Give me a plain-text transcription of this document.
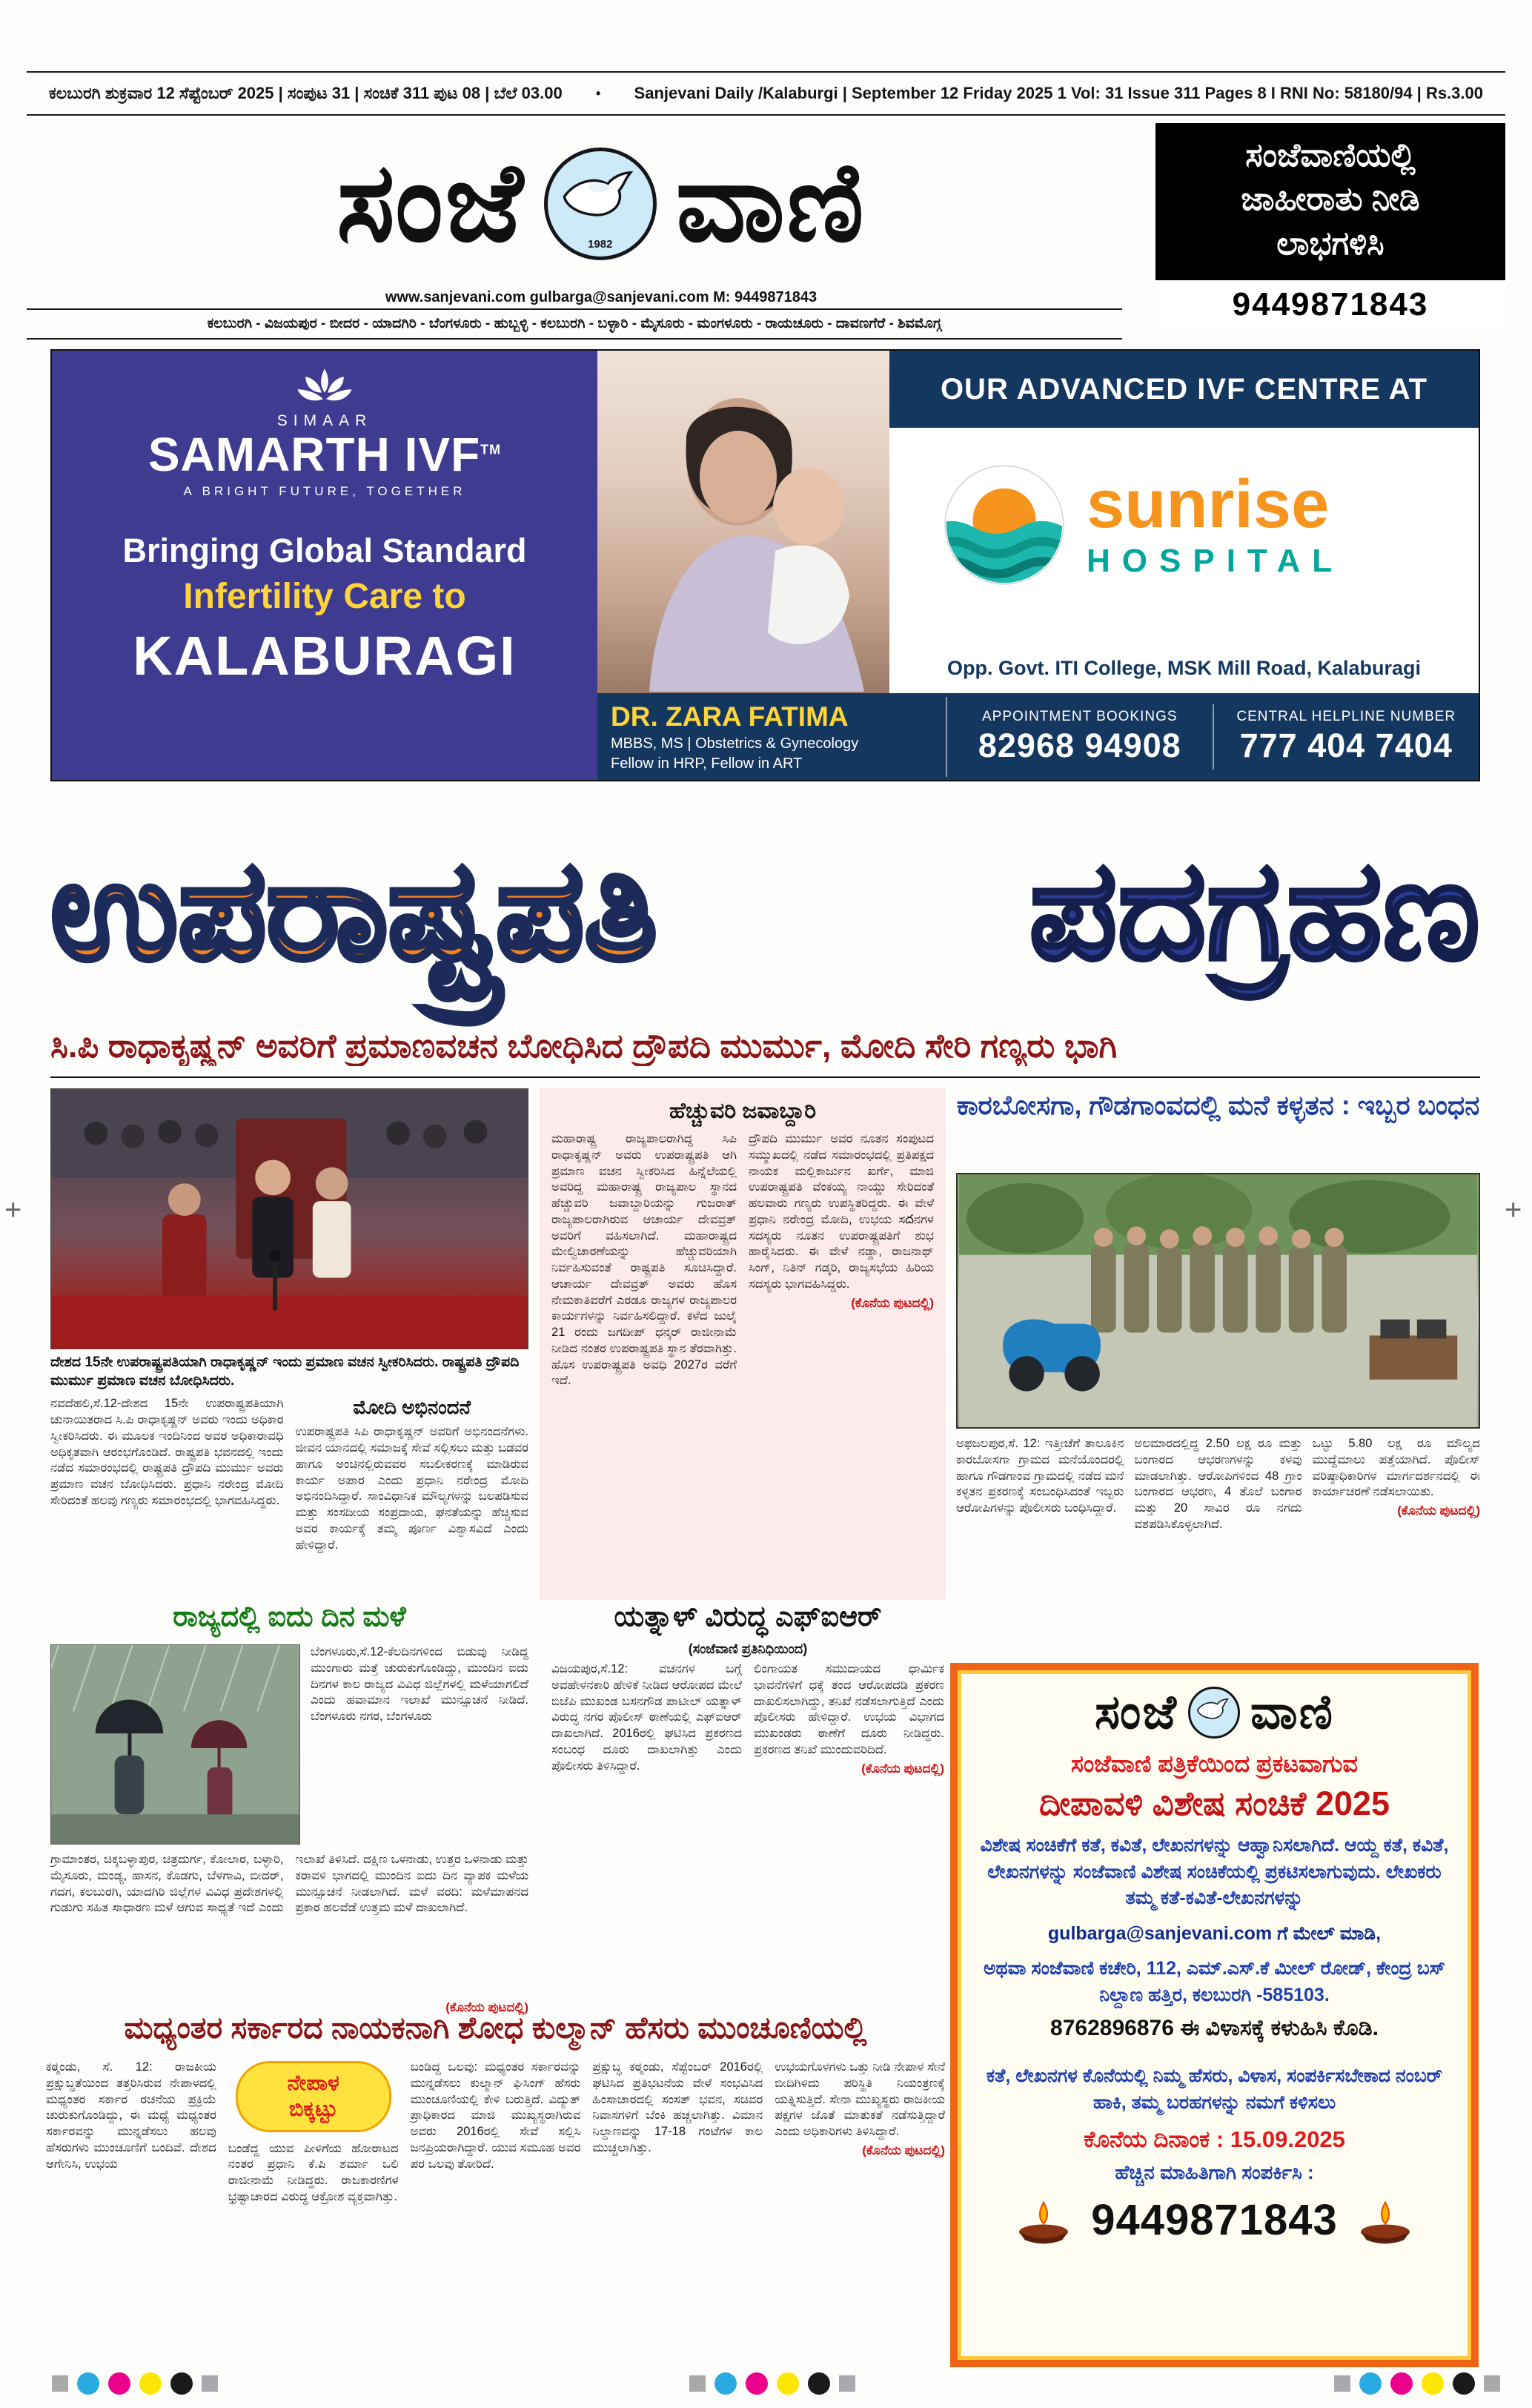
+	+
ಕಲಬುರಗಿ ಶುಕ್ರವಾರ 12 ಸೆಪ್ಟೆಂಬರ್ 2025 | ಸಂಪುಟ 31 | ಸಂಚಿಕೆ 311 ಪುಟ 08 | ಬೆಲೆ 03.00	• Sanjevani Daily /Kalaburgi | September 12 Friday 2025 1 Vol: 31 Issue 311 Pages 8 I RNI No: 58180/94 | Rs.3.00
ಸಂಜೆ	1982 ವಾಣಿ
www.sanjevani.com gulbarga@sanjevani.com M: 9449871843
ಕಲಬುರಗಿ - ವಿಜಯಪುರ - ಬೀದರ - ಯಾದಗಿರಿ - ಬೆಂಗಳೂರು - ಹುಬ್ಬಳ್ಳಿ - ಕಲಬುರಗಿ - ಬಳ್ಳಾರಿ - ಮೈಸೂರು - ಮಂಗಳೂರು - ರಾಯಚೂರು - ದಾವಣಗೆರೆ - ಶಿವಮೊಗ್ಗ
ಸಂಜೆವಾಣಿಯಲ್ಲಿ
ಜಾಹೀರಾತು ನೀಡಿ
ಲಾಭಗಳಿಸಿ
9449871843
SIMAAR
SAMARTH IVF™
A BRIGHT FUTURE, TOGETHER
Bringing Global Standard
Infertility Care to
KALABURAGI
OUR ADVANCED IVF CENTRE AT
sunrise
HOSPITAL
Opp. Govt. ITI College, MSK Mill Road, Kalaburagi
DR. ZARA FATIMA
MBBS, MS | Obstetrics & Gynecology
Fellow in HRP, Fellow in ART
APPOINTMENT BOOKINGS
82968 94908
CENTRAL HELPLINE NUMBER
777 404 7404
ಉಪರಾಷ್ಟ್ರಪತಿ	ಪದಗ್ರಹಣ
ಸಿ.ಪಿ ರಾಧಾಕೃಷ್ಣನ್ ಅವರಿಗೆ ಪ್ರಮಾಣವಚನ ಬೋಧಿಸಿದ ದ್ರೌಪದಿ ಮುರ್ಮು, ಮೋದಿ ಸೇರಿ ಗಣ್ಯರು ಭಾಗಿ
ದೇಶದ 15ನೇ ಉಪರಾಷ್ಟ್ರಪತಿಯಾಗಿ ರಾಧಾಕೃಷ್ಣನ್ ಇಂದು ಪ್ರಮಾಣ ವಚನ ಸ್ವೀಕರಿಸಿದರು. ರಾಷ್ಟ್ರಪತಿ ದ್ರೌಪದಿ ಮುರ್ಮು ಪ್ರಮಾಣ ವಚನ ಬೋಧಿಸಿದರು.
ನವದೆಹಲಿ,ಸೆ.12-ದೇಶದ 15ನೇ ಉಪರಾಷ್ಟ್ರಪತಿಯಾಗಿ ಚುನಾಯಿತರಾದ ಸಿ.ಪಿ ರಾಧಾಕೃಷ್ಣನ್ ಅವರು ಇಂದು ಅಧಿಕಾರ ಸ್ವೀಕರಿಸಿದರು. ಈ ಮೂಲಕ ಇಂದಿನಿಂದ ಅವರ ಅಧಿಕಾರಾವಧಿ ಅಧಿಕೃತವಾಗಿ ಆರಂಭಗೊಂಡಿದೆ. ರಾಷ್ಟ್ರಪತಿ ಭವನದಲ್ಲಿ ಇಂದು ನಡೆದ ಸಮಾರಂಭದಲ್ಲಿ ರಾಷ್ಟ್ರಪತಿ ದ್ರೌಪದಿ ಮುರ್ಮು ಅವರು ಪ್ರಮಾಣ ವಚನ ಬೋಧಿಸಿದರು. ಪ್ರಧಾನಿ ನರೇಂದ್ರ ಮೋದಿ ಸೇರಿದಂತೆ ಹಲವು ಗಣ್ಯರು ಸಮಾರಂಭದಲ್ಲಿ ಭಾಗವಹಿಸಿದ್ದರು.
ಮೋದಿ ಅಭಿನಂದನೆ
ಉಪರಾಷ್ಟ್ರಪತಿ ಸಿಪಿ ರಾಧಾಕೃಷ್ಣನ್ ಅವರಿಗೆ ಅಭಿನಂದನೆಗಳು. ಜೀವನ ಯಾನದಲ್ಲಿ ಸಮಾಜಕ್ಕೆ ಸೇವೆ ಸಲ್ಲಿಸಲು ಮತ್ತು ಬಡವರ ಹಾಗೂ ಅಂಚಿನಲ್ಲಿರುವವರ ಸಬಲೀಕರಣಕ್ಕೆ ಮಾಡಿರುವ ಕಾರ್ಯ ಅಪಾರ ಎಂದು ಪ್ರಧಾನಿ ನರೇಂದ್ರ ಮೋದಿ ಅಭಿನಂದಿಸಿದ್ದಾರೆ. ಸಾಂವಿಧಾನಿಕ ಮೌಲ್ಯಗಳನ್ನು ಬಲಪಡಿಸುವ ಮತ್ತು ಸಂಸದೀಯ ಸಂಪ್ರದಾಯ, ಘನತೆಯನ್ನು ಹೆಚ್ಚಿಸುವ ಅವರ ಕಾರ್ಯಕ್ಕೆ ತಮ್ಮ ಪೂರ್ಣ ವಿಶ್ವಾಸವಿದೆ ಎಂದು ಹೇಳಿದ್ದಾರೆ.
ಹೆಚ್ಚುವರಿ ಜವಾಬ್ದಾರಿ
ಮಹಾರಾಷ್ಟ್ರ ರಾಜ್ಯಪಾಲರಾಗಿದ್ದ ಸಿಪಿ ರಾಧಾಕೃಷ್ಣನ್ ಅವರು ಉಪರಾಷ್ಟ್ರಪತಿ ಆಗಿ ಪ್ರಮಾಣ ವಚನ ಸ್ವೀಕರಿಸಿದ ಹಿನ್ನೆಲೆಯಲ್ಲಿ ಅವರಿದ್ದ ಮಹಾರಾಷ್ಟ್ರ ರಾಜ್ಯಪಾಲ ಸ್ಥಾನದ ಹೆಚ್ಚುವರಿ ಜವಾಬ್ದಾರಿಯನ್ನು ಗುಜರಾತ್ ರಾಜ್ಯಪಾಲರಾಗಿರುವ ಆಚಾರ್ಯ ದೇವವ್ರತ್ ಅವರಿಗೆ ವಹಿಸಲಾಗಿದೆ. ಮಹಾರಾಷ್ಟ್ರದ ಮೇಲ್ವಿಚಾರಣೆಯನ್ನು ಹೆಚ್ಚುವರಿಯಾಗಿ ನಿರ್ವಹಿಸುವಂತೆ ರಾಷ್ಟ್ರಪತಿ ಸೂಚಿಸಿದ್ದಾರೆ. ಆಚಾರ್ಯ ದೇವವ್ರತ್ ಅವರು ಹೊಸ ನೇಮಕಾತಿವರೆಗೆ ಎರಡೂ ರಾಜ್ಯಗಳ ರಾಜ್ಯಪಾಲರ ಕಾರ್ಯಗಳನ್ನು ನಿರ್ವಹಿಸಲಿದ್ದಾರೆ. ಕಳೆದ ಜುಲೈ 21 ರಂದು ಜಗದೀಪ್ ಧನ್ಕರ್ ರಾಜೀನಾಮೆ ನೀಡಿದ ನಂತರ ಉಪರಾಷ್ಟ್ರಪತಿ ಸ್ಥಾನ ತೆರವಾಗಿತ್ತು. ಹೊಸ ಉಪರಾಷ್ಟ್ರಪತಿ ಅವಧಿ 2027ರ ವರೆಗೆ ಇದೆ.
ದ್ರೌಪದಿ ಮುರ್ಮು ಅವರ ನೂತನ ಸಂಪುಟದ ಸಮ್ಮುಖದಲ್ಲಿ ನಡೆದ ಸಮಾರಂಭದಲ್ಲಿ ಪ್ರತಿಪಕ್ಷದ ನಾಯಕ ಮಲ್ಲಿಕಾರ್ಜುನ ಖರ್ಗೆ, ಮಾಜಿ ಉಪರಾಷ್ಟ್ರಪತಿ ವೆಂಕಯ್ಯ ನಾಯ್ಡು ಸೇರಿದಂತೆ ಹಲವಾರು ಗಣ್ಯರು ಉಪಸ್ಥಿತರಿದ್ದರು. ಈ ವೇಳೆ ಪ್ರಧಾನಿ ನರೇಂದ್ರ ಮೋದಿ, ಉಭಯ ಸదನಗಳ ಸದಸ್ಯರು ನೂತನ ಉಪರಾಷ್ಟ್ರಪತಿಗೆ ಶುಭ ಹಾರೈಸಿದರು. ಈ ವೇಳೆ ನಡ್ಡಾ, ರಾಜನಾಥ್ ಸಿಂಗ್, ನಿತಿನ್ ಗಡ್ಕರಿ, ರಾಜ್ಯಸಭೆಯ ಹಿರಿಯ ಸದಸ್ಯರು ಭಾಗವಹಿಸಿದ್ದರು.
(ಕೊನೆಯ ಪುಟದಲ್ಲಿ)
ಕಾರಬೋಸಗಾ, ಗೌಡಗಾಂವದಲ್ಲಿ ಮನೆ ಕಳ್ಳತನ : ಇಬ್ಬರ ಬಂಧನ
ಅಫಜಲಪುರ,ಸೆ. 12: ಇತ್ತೀಚೆಗೆ ತಾಲೂಕಿನ ಕಾರಬೋಸಗಾ ಗ್ರಾಮದ ಮನೆಯೊಂದರಲ್ಲಿ ಹಾಗೂ ಗೌಡಗಾಂವ ಗ್ರಾಮದಲ್ಲಿ ನಡೆದ ಮನೆ ಕಳ್ಳತನ ಪ್ರಕರಣಕ್ಕೆ ಸಂಬಂಧಿಸಿದಂತೆ ಇಬ್ಬರು ಆರೋಪಿಗಳನ್ನು ಪೊಲೀಸರು ಬಂಧಿಸಿದ್ದಾರೆ.
ಅಲಮಾರದಲ್ಲಿದ್ದ 2.50 ಲಕ್ಷ ರೂ ಮತ್ತು ಬಂಗಾರದ ಆಭರಣಗಳನ್ನು ಕಳವು ಮಾಡಲಾಗಿತ್ತು. ಆರೋಪಿಗಳಿಂದ 48 ಗ್ರಾಂ ಬಂಗಾರದ ಆಭರಣ, 4 ತೊಲೆ ಬಂಗಾರ ಮತ್ತು 20 ಸಾವಿರ ರೂ ನಗದು ವಶಪಡಿಸಿಕೊಳ್ಳಲಾಗಿದೆ.
ಒಟ್ಟು 5.80 ಲಕ್ಷ ರೂ ಮೌಲ್ಯದ ಮುದ್ದೆಮಾಲು ಪತ್ತೆಯಾಗಿದೆ. ಪೊಲೀಸ್ ವರಿಷ್ಠಾಧಿಕಾರಿಗಳ ಮಾರ್ಗದರ್ಶನದಲ್ಲಿ ಈ ಕಾರ್ಯಾಚರಣೆ ನಡೆಸಲಾಯಿತು.
(ಕೊನೆಯ ಪುಟದಲ್ಲಿ)
ರಾಜ್ಯದಲ್ಲಿ ಐದು ದಿನ ಮಳೆ
ಬೆಂಗಳೂರು,ಸೆ.12-ಕೆಲದಿನಗಳಿಂದ ಬಿಡುವು ನೀಡಿದ್ದ ಮುಂಗಾರು ಮತ್ತೆ ಚುರುಕುಗೊಂಡಿದ್ದು, ಮುಂದಿನ ಐದು ದಿನಗಳ ಕಾಲ ರಾಜ್ಯದ ವಿವಿಧ ಜಿಲ್ಲೆಗಳಲ್ಲಿ ಮಳೆಯಾಗಲಿದೆ ಎಂದು ಹವಾಮಾನ ಇಲಾಖೆ ಮುನ್ಸೂಚನೆ ನೀಡಿದೆ. ಬೆಂಗಳೂರು ನಗರ, ಬೆಂಗಳೂರು
ಗ್ರಾಮಾಂತರ, ಚಿಕ್ಕಬಳ್ಳಾಪುರ, ಚಿತ್ರದುರ್ಗ, ಕೋಲಾರ, ಬಳ್ಳಾರಿ, ಮೈಸೂರು, ಮಂಡ್ಯ, ಹಾಸನ, ಕೊಡಗು, ಬೆಳಗಾವಿ, ಬೀದರ್, ಗದಗ, ಕಲಬುರಗಿ, ಯಾದಗಿರಿ ಜಿಲ್ಲೆಗಳ ವಿವಿಧ ಪ್ರದೇಶಗಳಲ್ಲಿ ಗುಡುಗು ಸಹಿತ ಸಾಧಾರಣ ಮಳೆ ಆಗುವ ಸಾಧ್ಯತೆ ಇದೆ ಎಂದು ಇಲಾಖೆ ತಿಳಿಸಿದೆ. ದಕ್ಷಿಣ ಒಳನಾಡು, ಉತ್ತರ ಒಳನಾಡು ಮತ್ತು ಕರಾವಳಿ ಭಾಗದಲ್ಲಿ ಮುಂದಿನ ಐದು ದಿನ ವ್ಯಾಪಕ ಮಳೆಯ ಮುನ್ಸೂಚನೆ ನೀಡಲಾಗಿದೆ. ಮಳೆ ವರದಿ: ಮಳೆಮಾಪನದ ಪ್ರಕಾರ ಹಲವೆಡೆ ಉತ್ತಮ ಮಳೆ ದಾಖಲಾಗಿದೆ.
(ಕೊನೆಯ ಪುಟದಲ್ಲಿ)
ಯತ್ನಾಳ್ ವಿರುದ್ಧ ಎಫ್‌ಐಆರ್
(ಸಂಜೆವಾಣಿ ಪ್ರತಿನಿಧಿಯಿಂದ)
ವಿಜಯಪುರ,ಸೆ.12: ವಚನಗಳ ಬಗ್ಗೆ ಅವಹೇಳನಕಾರಿ ಹೇಳಿಕೆ ನೀಡಿದ ಆರೋಪದ ಮೇಲೆ ಬಿಜೆಪಿ ಮುಖಂಡ ಬಸನಗೌಡ ಪಾಟೀಲ್ ಯತ್ನಾಳ್ ವಿರುದ್ಧ ನಗರ ಪೊಲೀಸ್ ಠಾಣೆಯಲ್ಲಿ ಎಫ್‌ಐಆರ್ ದಾಖಲಾಗಿದೆ. 2016ರಲ್ಲಿ ಘಟಿಸಿದ ಪ್ರಕರಣದ ಸಂಬಂಧ ದೂರು ದಾಖಲಾಗಿತ್ತು ಎಂದು ಪೊಲೀಸರು ತಿಳಿಸಿದ್ದಾರೆ.
ಲಿಂಗಾಯತ ಸಮುದಾಯದ ಧಾರ್ಮಿಕ ಭಾವನೆಗಳಿಗೆ ಧಕ್ಕೆ ತಂದ ಆರೋಪದಡಿ ಪ್ರಕರಣ ದಾಖಲಿಸಲಾಗಿದ್ದು, ತನಿಖೆ ನಡೆಸಲಾಗುತ್ತಿದೆ ಎಂದು ಪೊಲೀಸರು ಹೇಳಿದ್ದಾರೆ. ಉಭಯ ವಿಭಾಗದ ಮುಖಂಡರು ಠಾಣೆಗೆ ದೂರು ನೀಡಿದ್ದರು. ಪ್ರಕರಣದ ತನಿಖೆ ಮುಂದುವರಿದಿದೆ.
(ಕೊನೆಯ ಪುಟದಲ್ಲಿ)
ಸಂಜೆ ವಾಣಿ
ಸಂಜೆವಾಣಿ ಪತ್ರಿಕೆಯಿಂದ ಪ್ರಕಟವಾಗುವ
ದೀಪಾವಳಿ ವಿಶೇಷ ಸಂಚಿಕೆ 2025

ವಿಶೇಷ ಸಂಚಿಕೆಗೆ ಕತೆ, ಕವಿತೆ, ಲೇಖನಗಳನ್ನು ಆಹ್ವಾನಿಸಲಾಗಿದೆ. ಆಯ್ದ ಕತೆ, ಕವಿತೆ, ಲೇಖನಗಳನ್ನು ಸಂಜೆವಾಣಿ ವಿಶೇಷ ಸಂಚಿಕೆಯಲ್ಲಿ ಪ್ರಕಟಿಸಲಾಗುವುದು. ಲೇಖಕರು ತಮ್ಮ ಕತೆ-ಕವಿತೆ-ಲೇಖನಗಳನ್ನು

gulbarga@sanjevani.com ಗೆ ಮೇಲ್ ಮಾಡಿ,

ಅಥವಾ ಸಂಜೆವಾಣಿ ಕಚೇರಿ, 112, ಎಮ್.ಎಸ್.ಕೆ ಮೀಲ್ ರೋಡ್, ಕೇಂದ್ರ ಬಸ್ ನಿಲ್ದಾಣ ಹತ್ತಿರ, ಕಲಬುರಗಿ -585103.

8762896876 ಈ ವಿಳಾಸಕ್ಕೆ ಕಳುಹಿಸಿ ಕೊಡಿ.

ಕತೆ, ಲೇಖನಗಳ ಕೊನೆಯಲ್ಲಿ ನಿಮ್ಮ ಹೆಸರು, ವಿಳಾಸ, ಸಂಪರ್ಕಿಸಬೇಕಾದ ನಂಬರ್ ಹಾಕಿ, ತಮ್ಮ ಬರಹಗಳನ್ನು ನಮಗೆ ಕಳಿಸಲು

ಕೊನೆಯ ದಿನಾಂಕ : 15.09.2025
ಹೆಚ್ಚಿನ ಮಾಹಿತಿಗಾಗಿ ಸಂಪರ್ಕಿಸಿ :
9449871843
ಮಧ್ಯಂತರ ಸರ್ಕಾರದ ನಾಯಕನಾಗಿ ಶೋಧ ಕುಲ್ಮಾನ್ ಹೆಸರು ಮುಂಚೂಣಿಯಲ್ಲಿ
ಕಠ್ಮಂಡು, ಸೆ. 12: ರಾಜಕೀಯ ಪ್ರಕ್ಷುಬ್ಧತೆಯಿಂದ ತತ್ತರಿಸಿರುವ ನೇಪಾಳದಲ್ಲಿ ಮಧ್ಯಂತರ ಸರ್ಕಾರ ರಚನೆಯ ಪ್ರಕ್ರಿಯೆ ಚುರುಕುಗೊಂಡಿದ್ದು, ಈ ಮಧ್ಯೆ ಮಧ್ಯಂತರ ಸರ್ಕಾರವನ್ನು ಮುನ್ನಡೆಸಲು ಹಲವು ಹೆಸರುಗಳು ಮುಂಚೂಣಿಗೆ ಬಂದಿವೆ. ದೇಶದ ಆಗೇನಿಸಿ, ಉಭಯ
ನೇಪಾಳ
ಬಿಕ್ಕಟ್ಟು
ಬಂಡೆದ್ದ ಯುವ ಪೀಳಿಗೆಯ ಹೋರಾಟದ ನಂತರ ಪ್ರಧಾನಿ ಕೆ.ಪಿ ಶರ್ಮಾ ಒಲಿ ರಾಜೀನಾಮೆ ನೀಡಿದ್ದರು. ರಾಜಕಾರಣಿಗಳ ಭ್ರಷ್ಟಾಚಾರದ ವಿರುದ್ಧ ಆಕ್ರೋಶ ವ್ಯಕ್ತವಾಗಿತ್ತು.
ಬಂಡಿದ್ದ ಒಲವು: ಮಧ್ಯಂತರ ಸರ್ಕಾರವನ್ನು ಮುನ್ನಡೆಸಲು ಕುಲ್ಮಾನ್ ಘಿಸಿಂಗ್ ಹೆಸರು ಮುಂಚೂಣಿಯಲ್ಲಿ ಕೇಳಿ ಬರುತ್ತಿದೆ. ವಿದ್ಯುತ್ ಪ್ರಾಧಿಕಾರದ ಮಾಜಿ ಮುಖ್ಯಸ್ಥರಾಗಿರುವ ಅವರು 2016ರಲ್ಲಿ ಸೇವೆ ಸಲ್ಲಿಸಿ ಜನಪ್ರಿಯರಾಗಿದ್ದಾರೆ. ಯುವ ಸಮೂಹ ಅವರ ಪರ ಒಲವು ತೋರಿದೆ.
ಪ್ರಕ್ಷುಬ್ಧ ಕಠ್ಮಂಡು, ಸೆಪ್ಟೆಂಬರ್ 2016ರಲ್ಲಿ ಘಟಿಸಿದ ಪ್ರತಿಭಟನೆಯ ವೇಳೆ ಸಂಭವಿಸಿದ ಹಿಂಸಾಚಾರದಲ್ಲಿ ಸಂಸತ್ ಭವನ, ಸಚಿವರ ನಿವಾಸಗಳಿಗೆ ಬೆಂಕಿ ಹಚ್ಚಲಾಗಿತ್ತು. ವಿಮಾನ ನಿಲ್ದಾಣವನ್ನು 17-18 ಗಂಟೆಗಳ ಕಾಲ ಮುಚ್ಚಲಾಗಿತ್ತು.
ಉಭಯಗೊಳಗಳು ಒತ್ತು ನೀಡಿ ನೇಪಾಳ ಸೇನೆ ಬೀದಿಗಿಳಿದು ಪರಿಸ್ಥಿತಿ ನಿಯಂತ್ರಣಕ್ಕೆ ಯತ್ನಿಸುತ್ತಿದೆ. ಸೇನಾ ಮುಖ್ಯಸ್ಥರು ರಾಜಕೀಯ ಪಕ್ಷಗಳ ಜೊತೆ ಮಾತುಕತೆ ನಡೆಸುತ್ತಿದ್ದಾರೆ ಎಂದು ಅಧಿಕಾರಿಗಳು ತಿಳಿಸಿದ್ದಾರೆ.
(ಕೊನೆಯ ಪುಟದಲ್ಲಿ)
